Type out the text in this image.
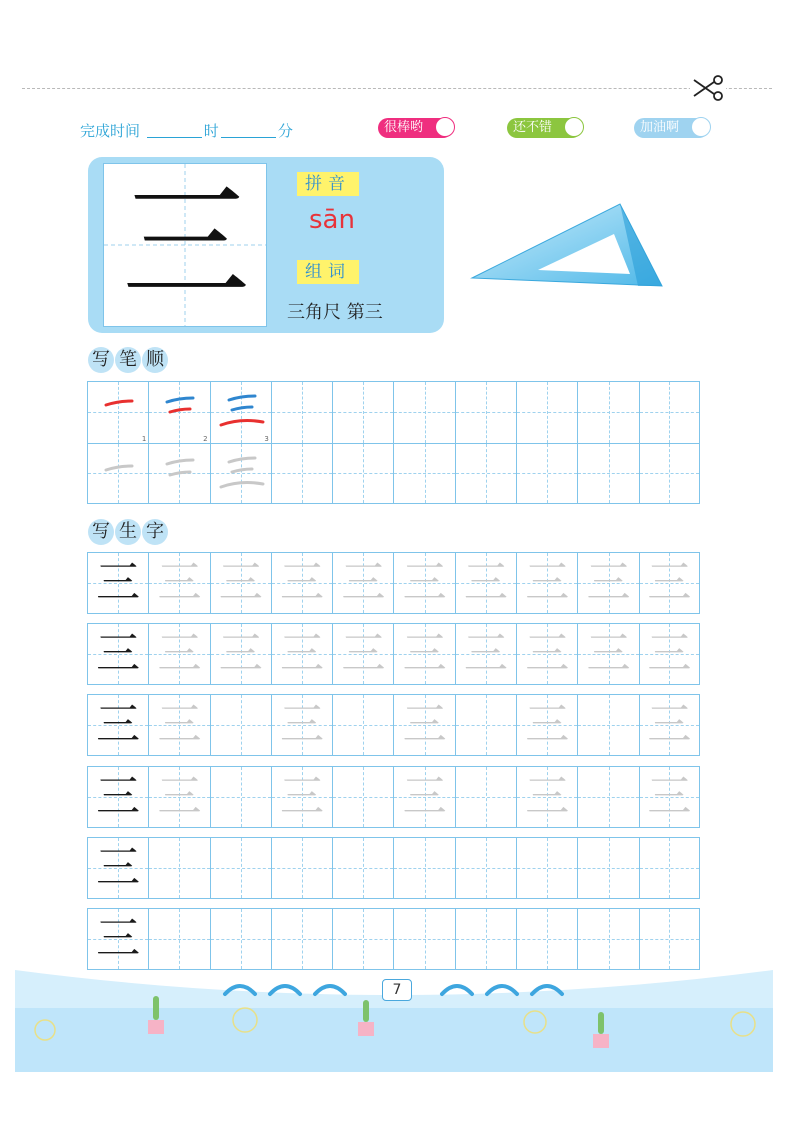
完成时间	时	分	很棒哟	还不错	加油啊
三	拼音
sān
组词
三角尺 第三
写 笔 顺
1	2	3
写 生 字
三 三 三 三 三 三 三 三 三 三
三 三 三 三 三 三 三 三 三 三
三 三 三 三 三 三
三 三 三 三 三 三
三
三
7
